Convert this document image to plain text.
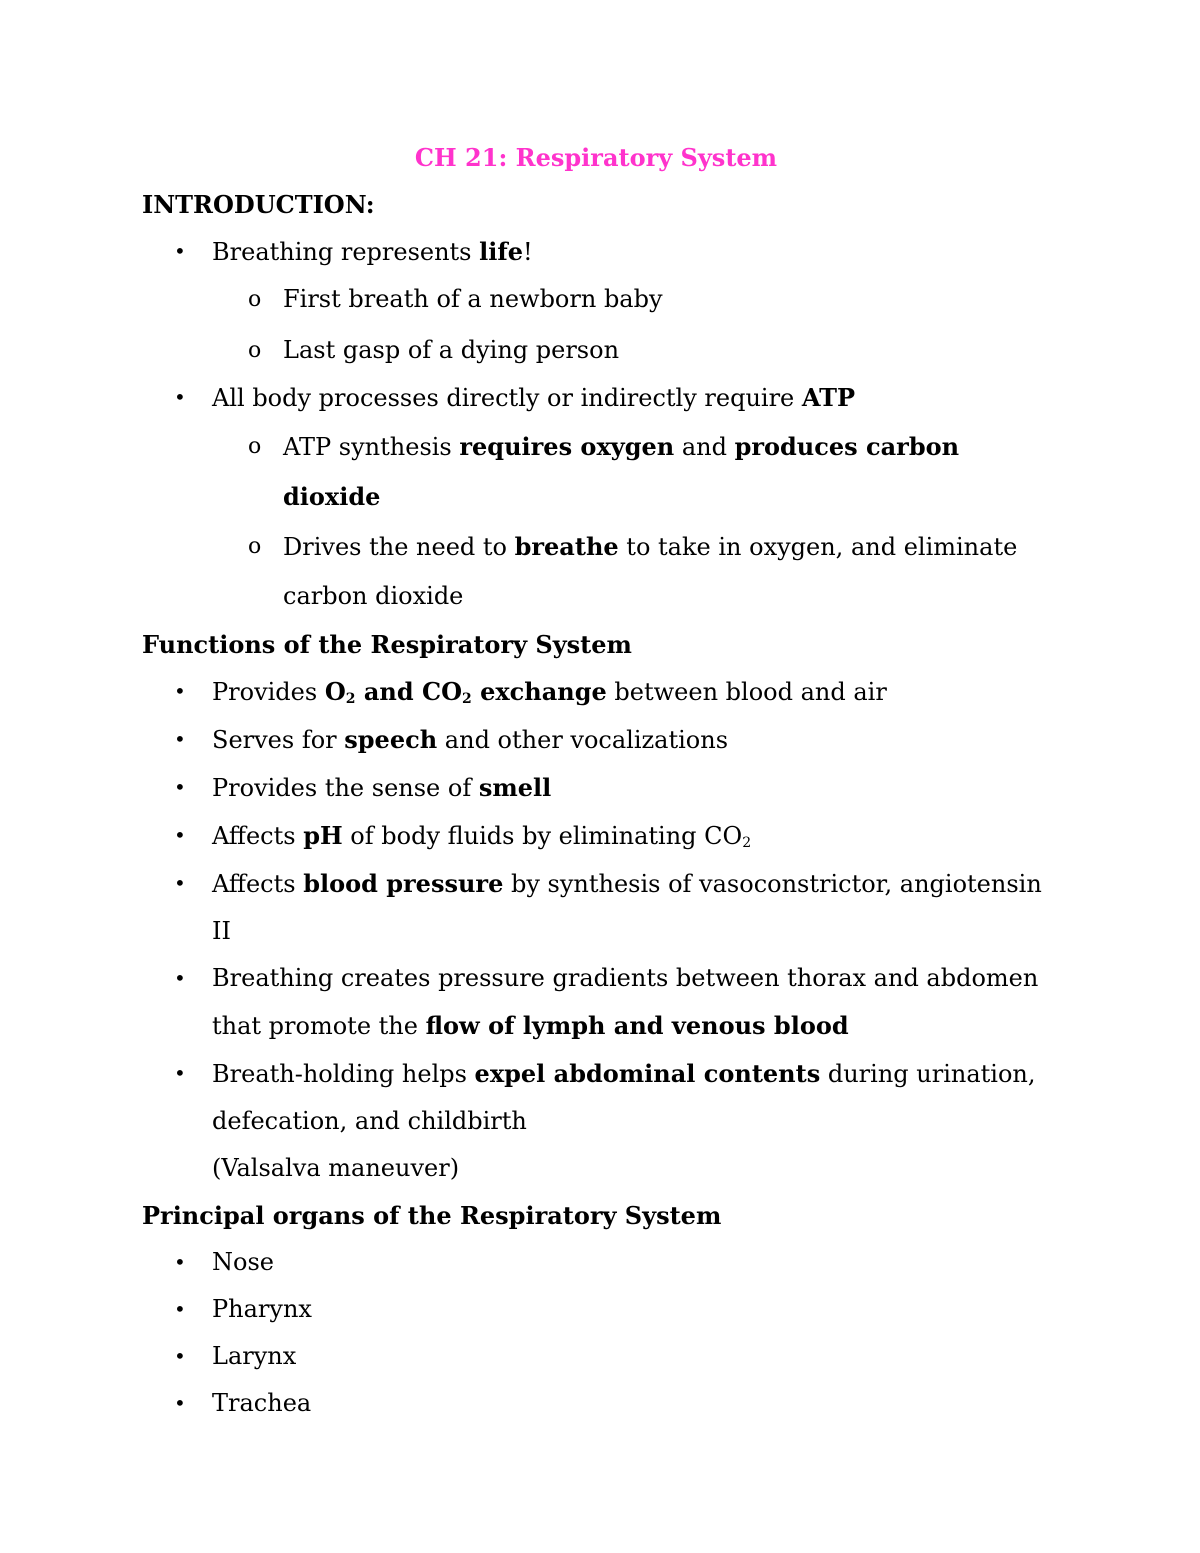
CH 21: Respiratory System
INTRODUCTION:
• Breathing represents life!
o First breath of a newborn baby
o Last gasp of a dying person
• All body processes directly or indirectly require ATP
o ATP synthesis requires oxygen and produces carbon dioxide
o Drives the need to breathe to take in oxygen, and eliminate carbon dioxide
Functions of the Respiratory System
• Provides $O_2$ and $CO_2$ exchange between blood and air
• Serves for speech and other vocalizations
• Provides the sense of smell
• Affects pH of body fluids by eliminating $CO_2$
• Affects blood pressure by synthesis of vasoconstrictor, angiotensin II
• Breathing creates pressure gradients between thorax and abdomen that promote the flow of lymph and venous blood
• Breath-holding helps expel abdominal contents during urination, defecation, and childbirth
(Valsalva maneuver)
Principal organs of the Respiratory System
• Nose
• Pharynx
• Larynx
• Trachea
